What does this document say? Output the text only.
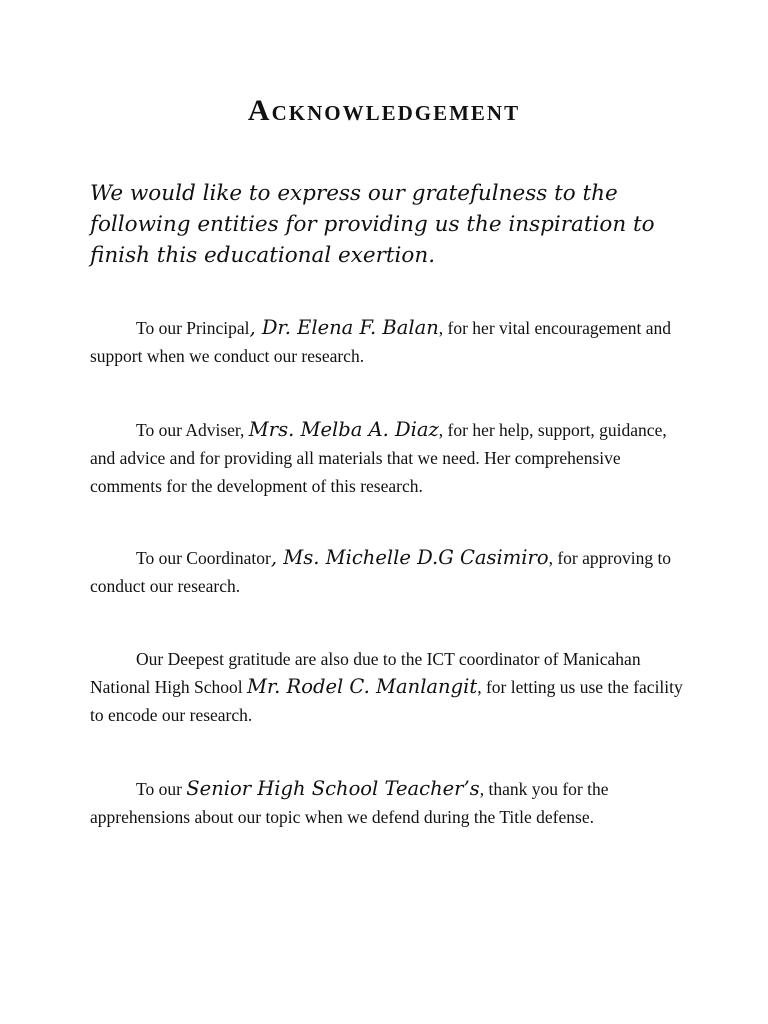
Acknowledgement

We would like to express our gratefulness to the following entities for providing us the inspiration to finish this educational exertion.

To our Principal, Dr. Elena F. Balan, for her vital encouragement and support when we conduct our research.

To our Adviser, Mrs. Melba A. Diaz, for her help, support, guidance, and advice and for providing all materials that we need. Her comprehensive comments for the development of this research.

To our Coordinator, Ms. Michelle D.G Casimiro, for approving to conduct our research.

Our Deepest gratitude are also due to the ICT coordinator of Manicahan National High School Mr. Rodel C. Manlangit, for letting us use the facility to encode our research.

To our Senior High School Teacher’s, thank you for the apprehensions about our topic when we defend during the Title defense.
